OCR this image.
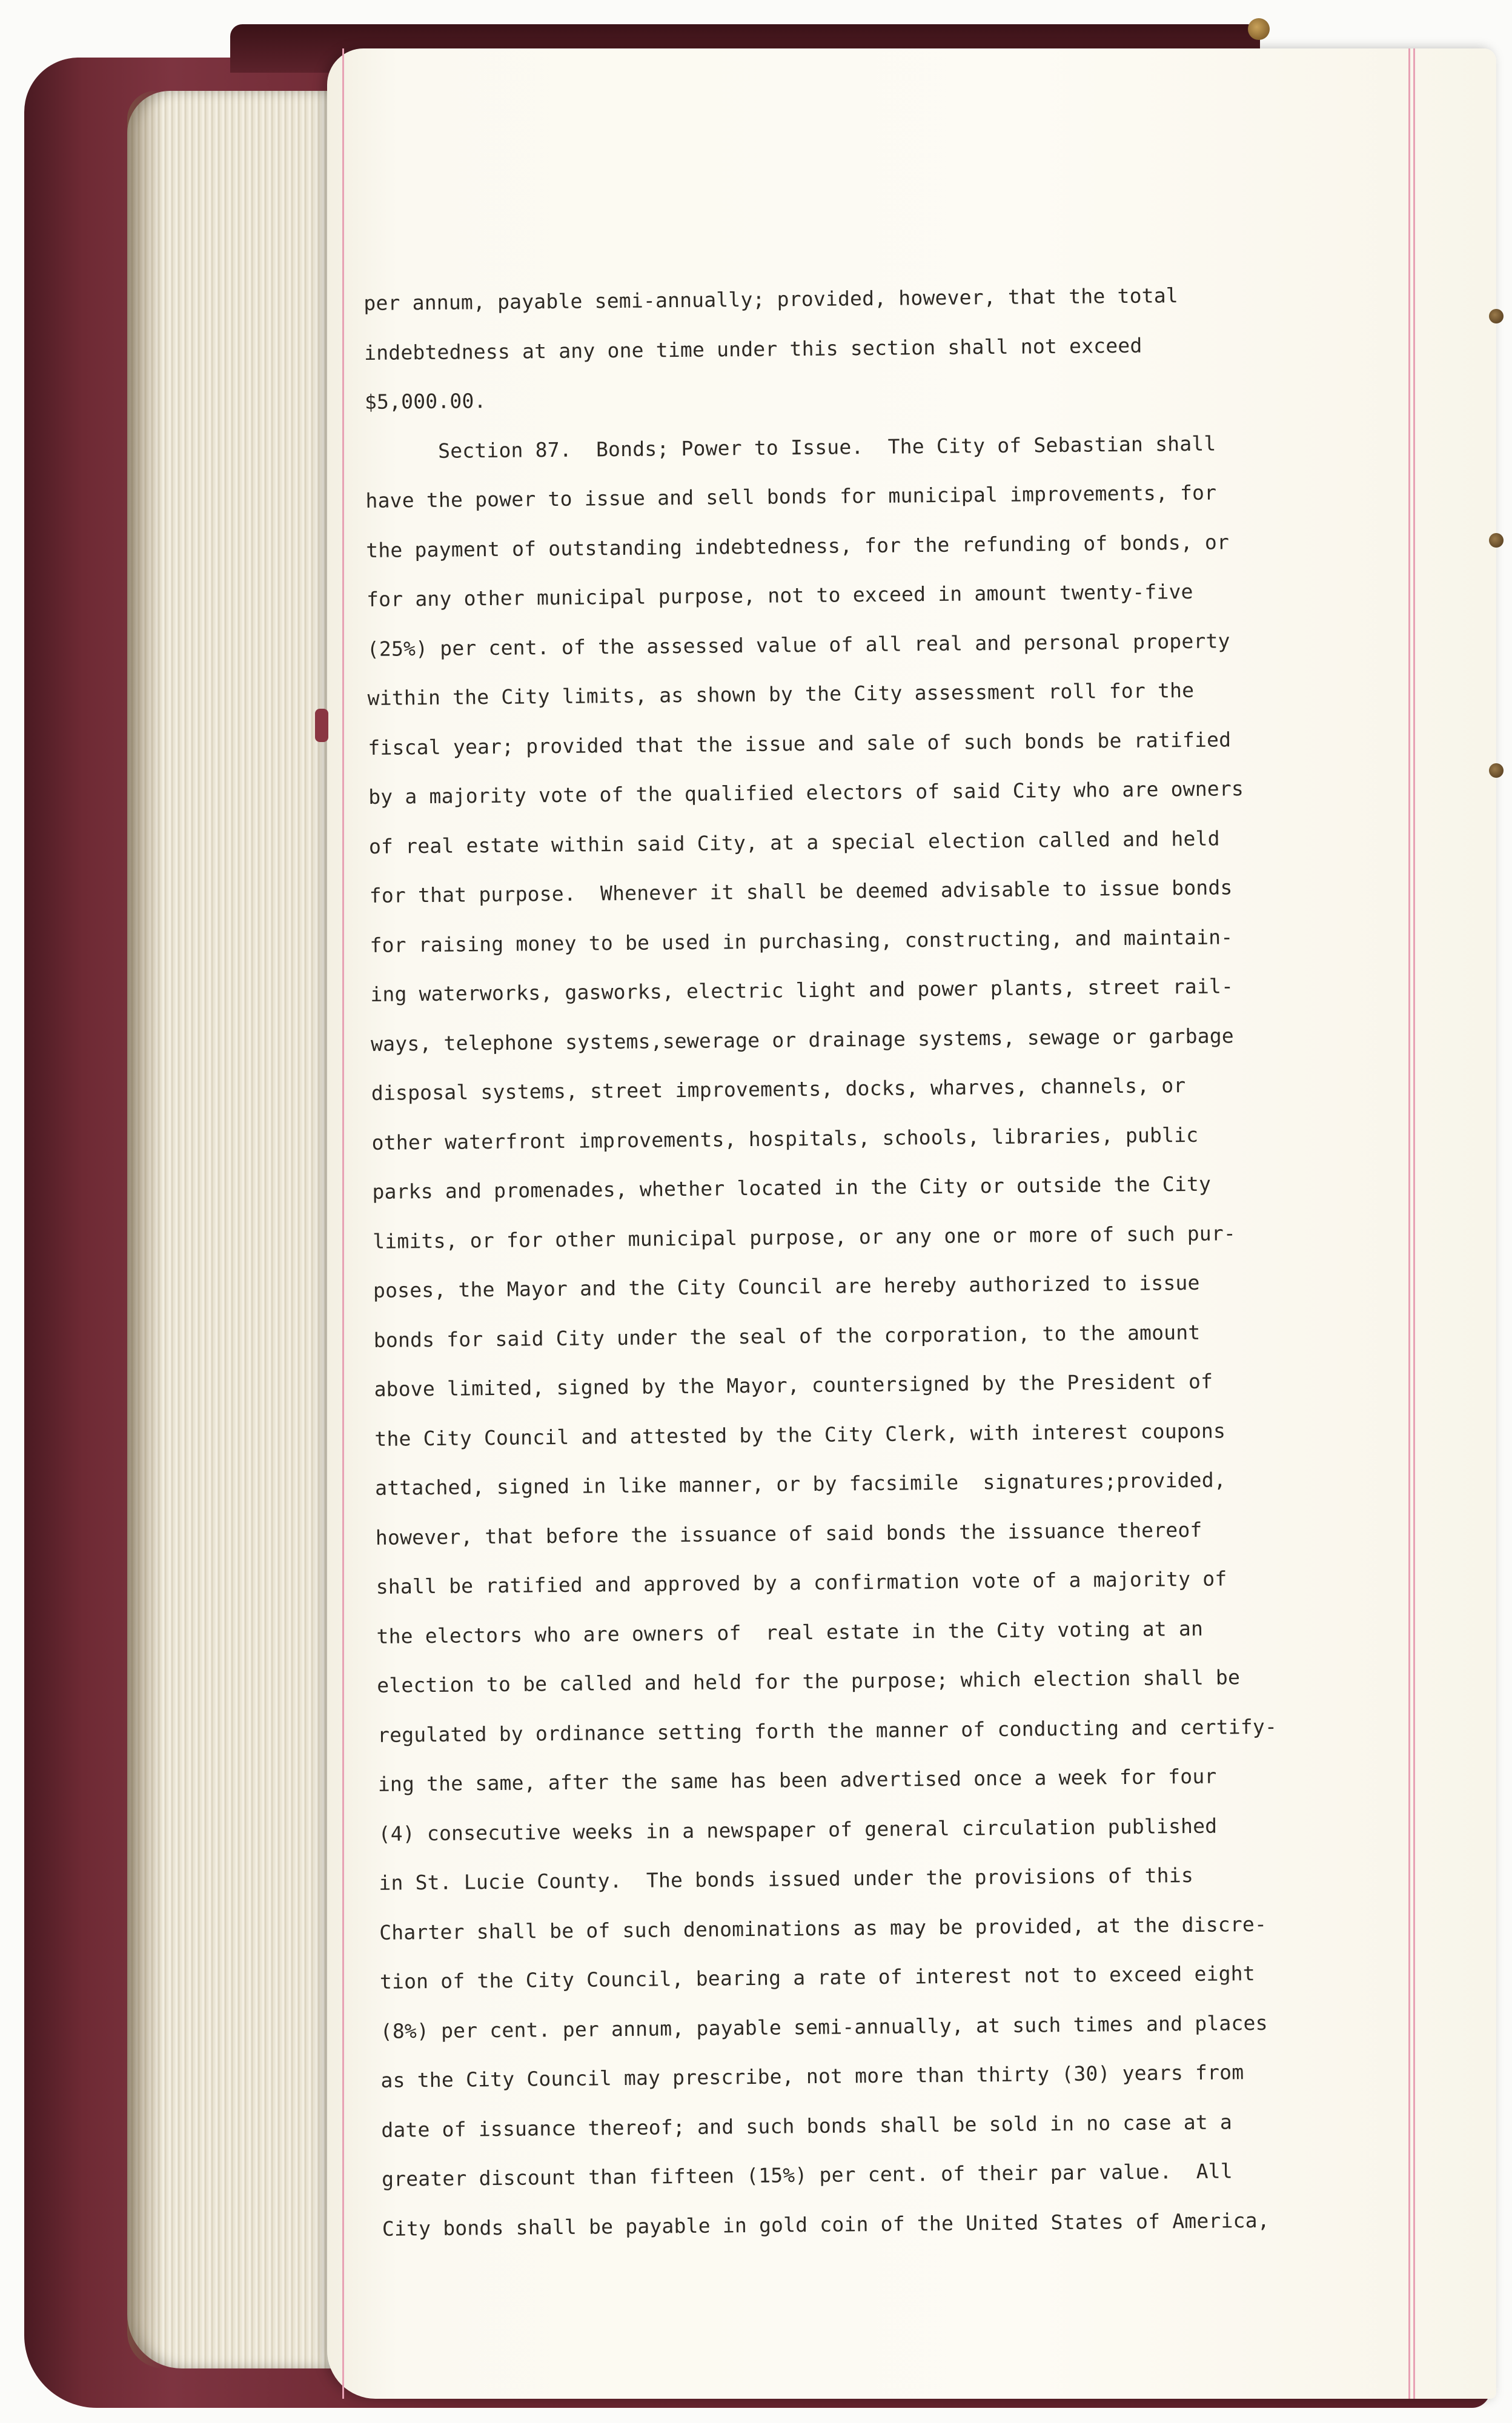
per annum, payable semi-annually; provided, however, that the total
indebtedness at any one time under this section shall not exceed
$5,000.00.
Section 87.  Bonds; Power to Issue.  The City of Sebastian shall
have the power to issue and sell bonds for municipal improvements, for
the payment of outstanding indebtedness, for the refunding of bonds, or
for any other municipal purpose, not to exceed in amount twenty-five
(25%) per cent. of the assessed value of all real and personal property
within the City limits, as shown by the City assessment roll for the
fiscal year; provided that the issue and sale of such bonds be ratified
by a majority vote of the qualified electors of said City who are owners
of real estate within said City, at a special election called and held
for that purpose.  Whenever it shall be deemed advisable to issue bonds
for raising money to be used in purchasing, constructing, and maintain-
ing waterworks, gasworks, electric light and power plants, street rail-
ways, telephone systems,sewerage or drainage systems, sewage or garbage
disposal systems, street improvements, docks, wharves, channels, or
other waterfront improvements, hospitals, schools, libraries, public
parks and promenades, whether located in the City or outside the City
limits, or for other municipal purpose, or any one or more of such pur-
poses, the Mayor and the City Council are hereby authorized to issue
bonds for said City under the seal of the corporation, to the amount
above limited, signed by the Mayor, countersigned by the President of
the City Council and attested by the City Clerk, with interest coupons
attached, signed in like manner, or by facsimile  signatures;provided,
however, that before the issuance of said bonds the issuance thereof
shall be ratified and approved by a confirmation vote of a majority of
the electors who are owners of  real estate in the City voting at an
election to be called and held for the purpose; which election shall be
regulated by ordinance setting forth the manner of conducting and certify-
ing the same, after the same has been advertised once a week for four
(4) consecutive weeks in a newspaper of general circulation published
in St. Lucie County.  The bonds issued under the provisions of this
Charter shall be of such denominations as may be provided, at the discre-
tion of the City Council, bearing a rate of interest not to exceed eight
(8%) per cent. per annum, payable semi-annually, at such times and places
as the City Council may prescribe, not more than thirty (30) years from
date of issuance thereof; and such bonds shall be sold in no case at a
greater discount than fifteen (15%) per cent. of their par value.  All
City bonds shall be payable in gold coin of the United States of America,
